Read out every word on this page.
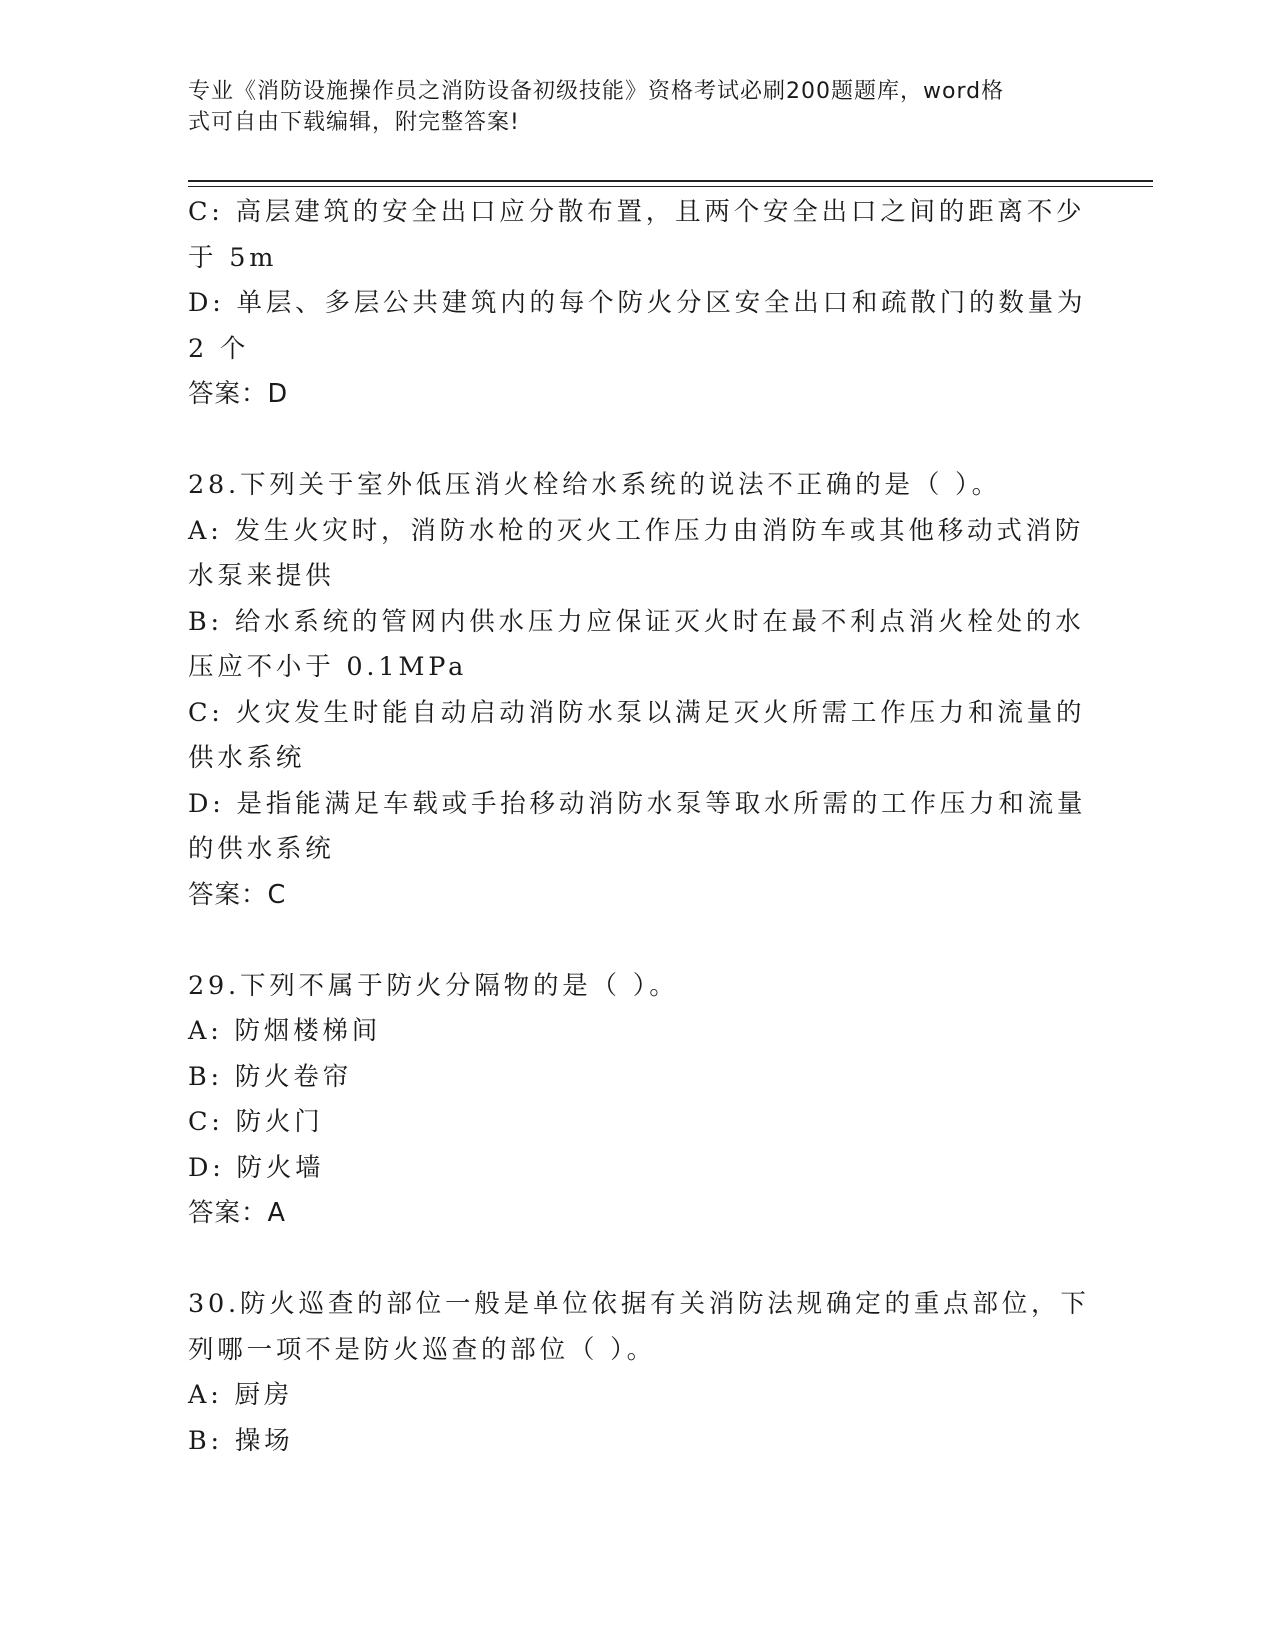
专业《消防设施操作员之消防设备初级技能》资格考试必刷200题题库，word格
式可自由下载编辑，附完整答案!
C: 高层建筑的安全出口应分散布置，且两个安全出口之间的距离不少
于 5m
D: 单层、多层公共建筑内的每个防火分区安全出口和疏散门的数量为
2 个
答案：D
28.下列关于室外低压消火栓给水系统的说法不正确的是（ ）。
A: 发生火灾时，消防水枪的灭火工作压力由消防车或其他移动式消防
水泵来提供
B: 给水系统的管网内供水压力应保证灭火时在最不利点消火栓处的水
压应不小于 0.1MPa
C: 火灾发生时能自动启动消防水泵以满足灭火所需工作压力和流量的
供水系统
D: 是指能满足车载或手抬移动消防水泵等取水所需的工作压力和流量
的供水系统
答案：C
29.下列不属于防火分隔物的是（ ）。
A: 防烟楼梯间
B: 防火卷帘
C: 防火门
D: 防火墙
答案：A
30.防火巡查的部位一般是单位依据有关消防法规确定的重点部位，下
列哪一项不是防火巡查的部位（ ）。
A: 厨房
B: 操场
